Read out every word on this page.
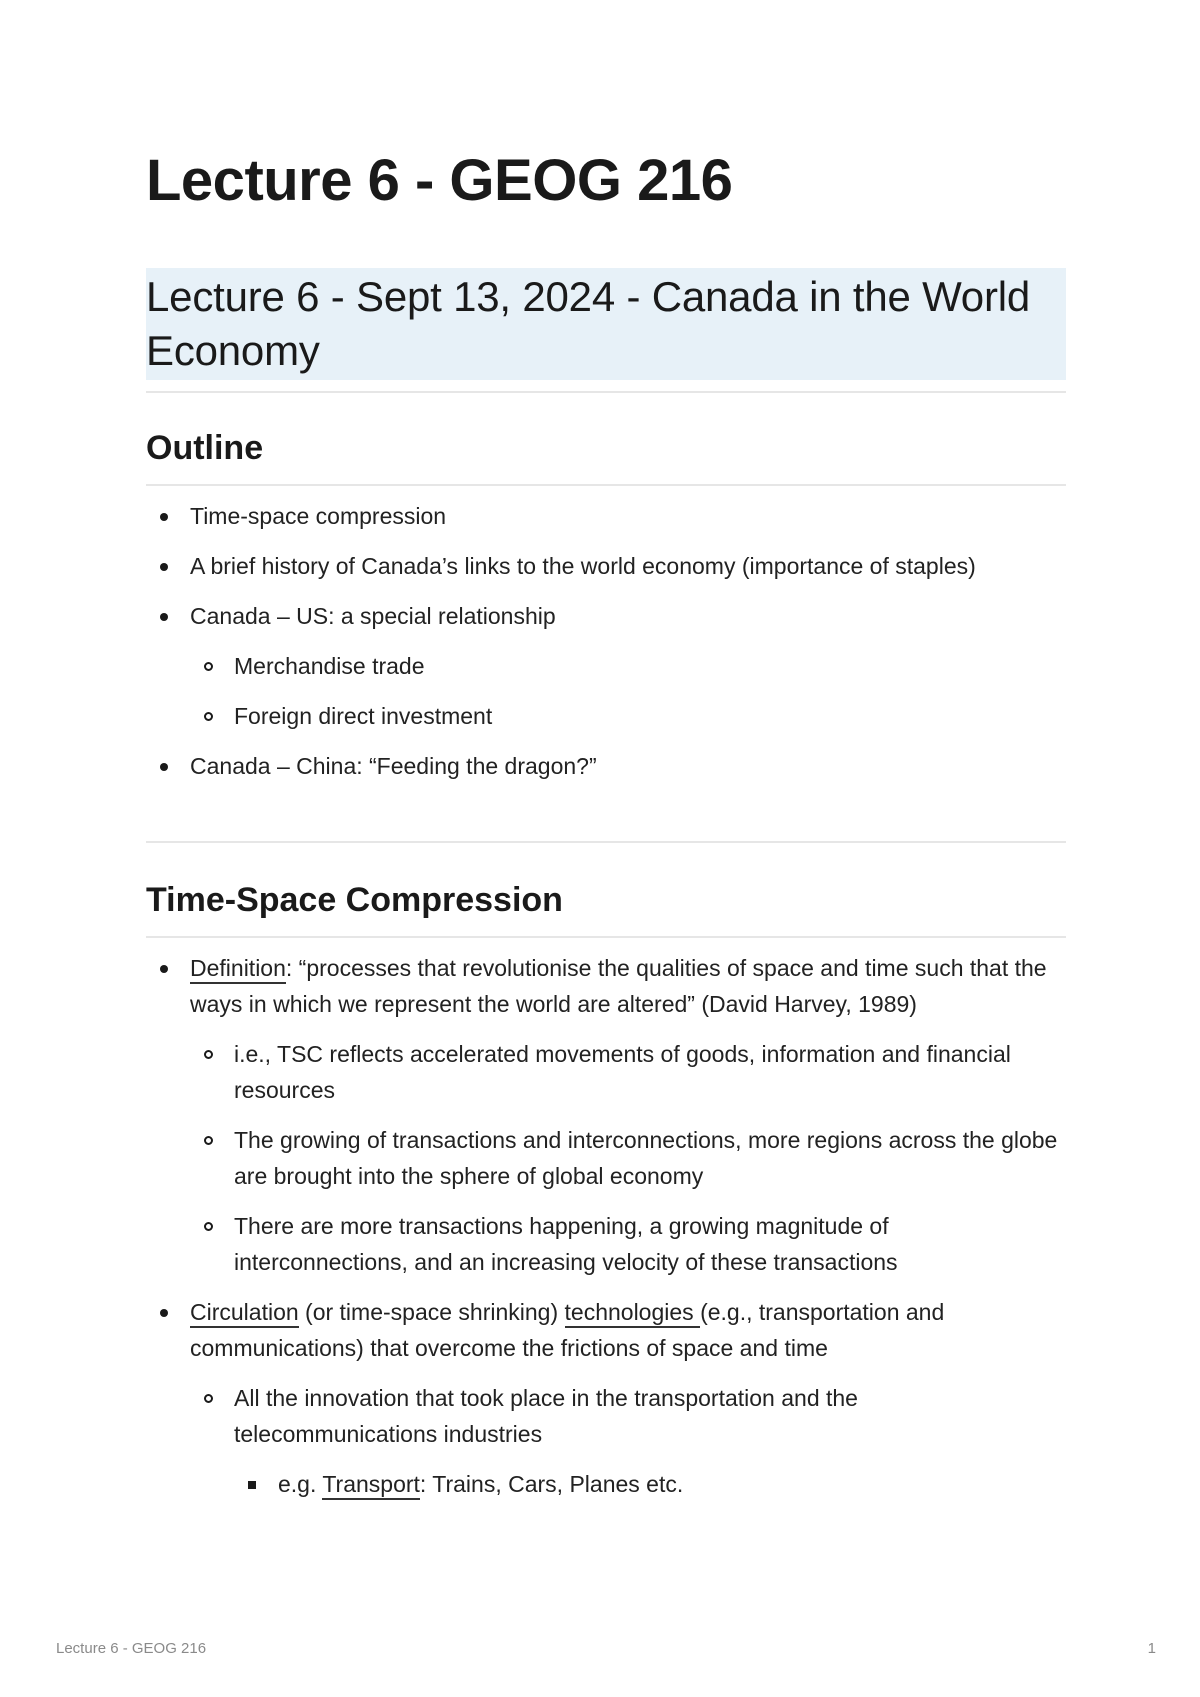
Lecture 6 - GEOG 216
Lecture 6 - Sept 13, 2024 - Canada in the World Economy
Outline
Time-space compression
A brief history of Canada’s links to the world economy (importance of staples)
Canada – US: a special relationship
Merchandise trade
Foreign direct investment
Canada – China: “Feeding the dragon?”
Time-Space Compression
Definition: “processes that revolutionise the qualities of space and time such that the ways in which we represent the world are altered” (David Harvey, 1989)
i.e., TSC reflects accelerated movements of goods, information and financial resources
The growing of transactions and interconnections, more regions across the globe are brought into the sphere of global economy
There are more transactions happening, a growing magnitude of interconnections, and an increasing velocity of these transactions
Circulation (or time-space shrinking) technologies (e.g., transportation and communications) that overcome the frictions of space and time
All the innovation that took place in the transportation and the telecommunications industries
e.g. Transport: Trains, Cars, Planes etc.
Lecture 6 - GEOG 216	1
